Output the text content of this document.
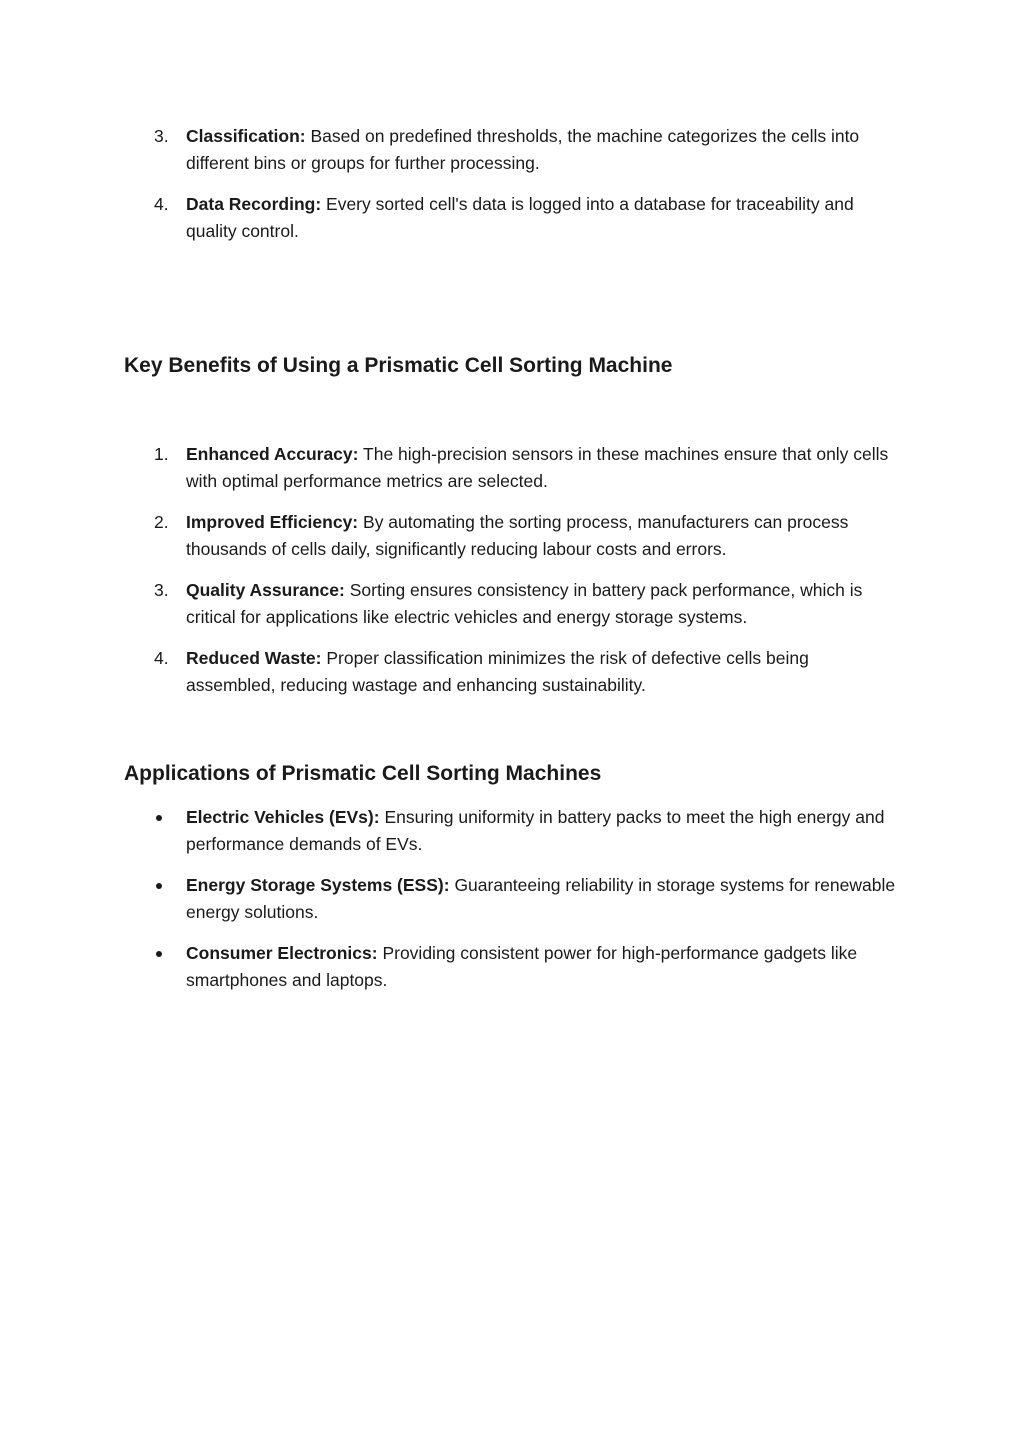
3. Classification: Based on predefined thresholds, the machine categorizes the cells into different bins or groups for further processing.
4. Data Recording: Every sorted cell's data is logged into a database for traceability and quality control.
Key Benefits of Using a Prismatic Cell Sorting Machine
1. Enhanced Accuracy: The high-precision sensors in these machines ensure that only cells with optimal performance metrics are selected.
2. Improved Efficiency: By automating the sorting process, manufacturers can process thousands of cells daily, significantly reducing labour costs and errors.
3. Quality Assurance: Sorting ensures consistency in battery pack performance, which is critical for applications like electric vehicles and energy storage systems.
4. Reduced Waste: Proper classification minimizes the risk of defective cells being assembled, reducing wastage and enhancing sustainability.
Applications of Prismatic Cell Sorting Machines
Electric Vehicles (EVs): Ensuring uniformity in battery packs to meet the high energy and performance demands of EVs.
Energy Storage Systems (ESS): Guaranteeing reliability in storage systems for renewable energy solutions.
Consumer Electronics: Providing consistent power for high-performance gadgets like smartphones and laptops.
